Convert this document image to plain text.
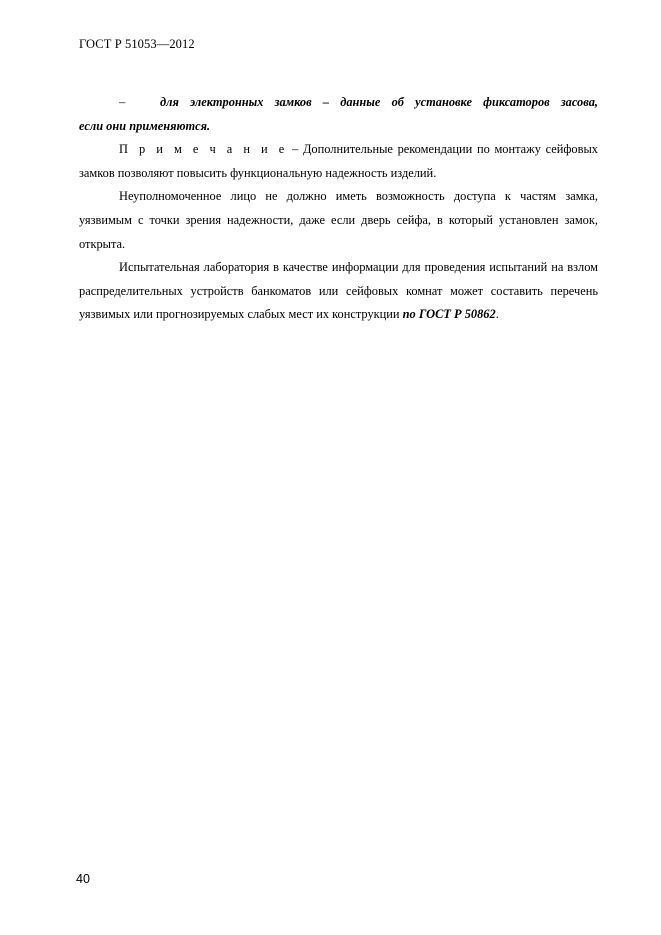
ГОСТ Р 51053—2012
–	для электронных замков – данные об установке фиксаторов засова,

если они применяются.

П р и м е ч а н и е – Дополнительные рекомендации по монтажу сейфовых замков позволяют повысить функциональную надежность изделий.

Неуполномоченное лицо не должно иметь возможность доступа к частям замка, уязвимым с точки зрения надежности, даже если дверь сейфа, в который установлен замок, открыта.

Испытательная лаборатория в качестве информации для проведения испытаний на взлом распределительных устройств банкоматов или сейфовых комнат может составить перечень уязвимых или прогнозируемых слабых мест их конструкции по ГОСТ Р 50862.

40
